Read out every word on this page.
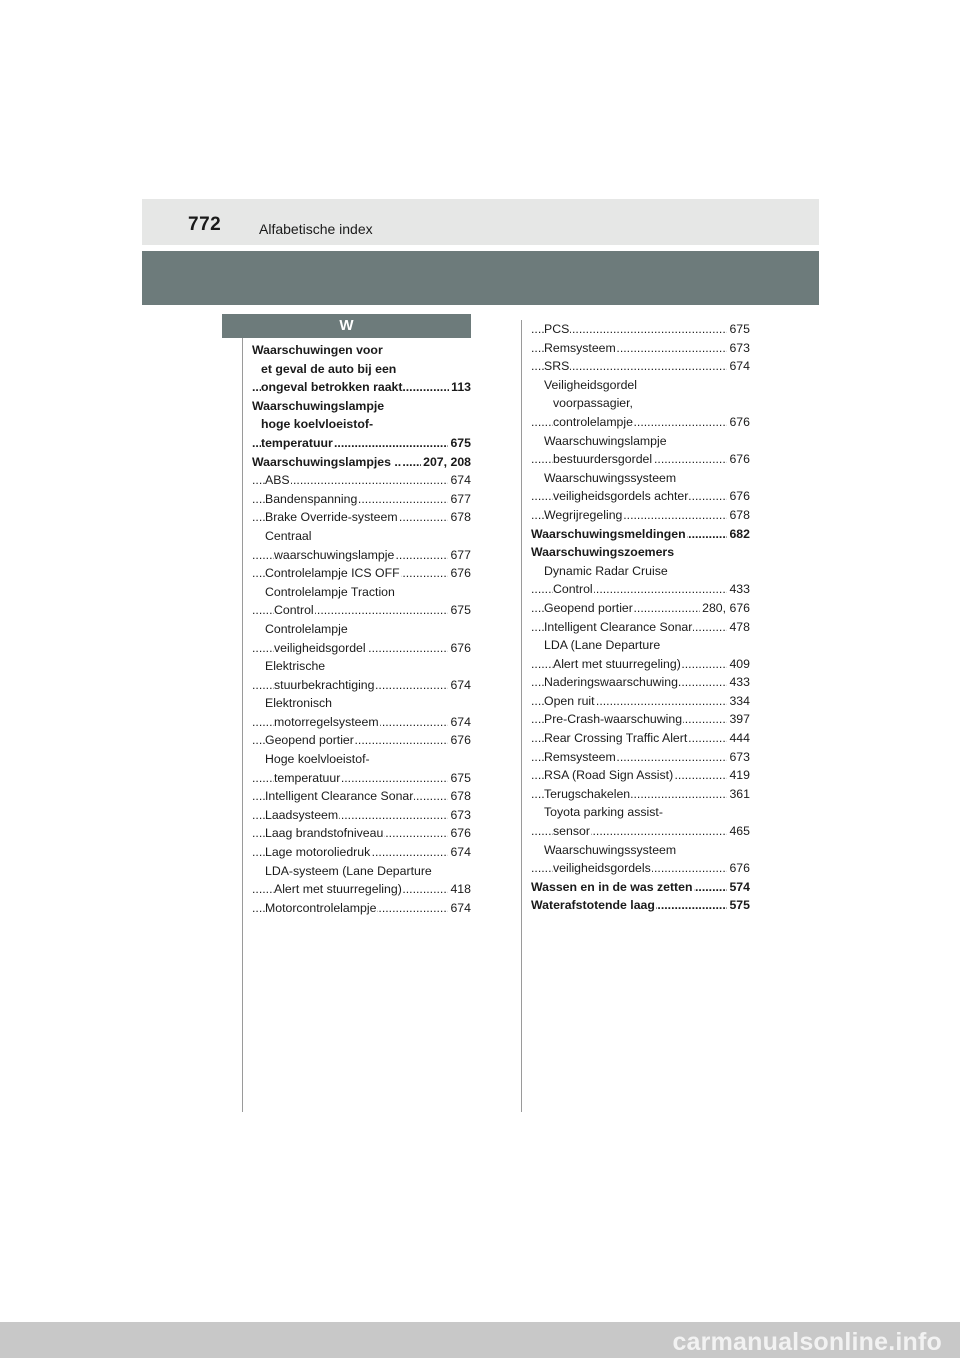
772	Alfabetische index
W
Waarschuwingen voor
et geval de auto bij een
ongeval betrokken raakt	113
.....
Waarschuwingslampje
hoge koelvloeistof-
temperatuur	675
.....
Waarschuwingslampjes .. 207, 208
.....
ABS	674
.....
Bandenspanning	677
.....
Brake Override-systeem	678
.....
Centraal
waarschuwingslampje	677
.....
Controlelampje ICS OFF	676
.....
Controlelampje Traction
Control	675
.....
Controlelampje
veiligheidsgordel	676
.....
Elektrische
stuurbekrachtiging	674
.....
Elektronisch
motorregelsysteem	674
.....
Geopend portier	676
.....
Hoge koelvloeistof-
temperatuur	675
.....
Intelligent Clearance Sonar	678
.....
Laadsysteem	673
.....
Laag brandstofniveau	676
.....
Lage motoroliedruk	674
.....
LDA-systeem (Lane Departure
Alert met stuurregeling)	418
.....
Motorcontrolelampje	674
.....
PCS	675
.....
Remsysteem	673
.....
SRS	674
.....
Veiligheidsgordel
voorpassagier,
controlelampje	676
.....
Waarschuwingslampje
bestuurdersgordel	676
.....
Waarschuwingssysteem
veiligheidsgordels achter	676
.....
Wegrijregeling	678
.....
Waarschuwingsmeldingen	682
.....
Waarschuwingszoemers
Dynamic Radar Cruise
Control	433
.....
Geopend portier	280, 676
.....
Intelligent Clearance Sonar	478
.....
LDA (Lane Departure
Alert met stuurregeling)	409
.....
Naderingswaarschuwing	433
.....
Open ruit	334
.....
Pre-Crash-waarschuwing	397
.....
Rear Crossing Traffic Alert	444
.....
Remsysteem	673
.....
RSA (Road Sign Assist)	419
.....
Terugschakelen	361
.....
Toyota parking assist-
sensor	465
.....
Waarschuwingssysteem
veiligheidsgordels	676
.....
Wassen en in de was zetten	574
.....
Waterafstotende laag	575
.....
carmanualsonline.info
